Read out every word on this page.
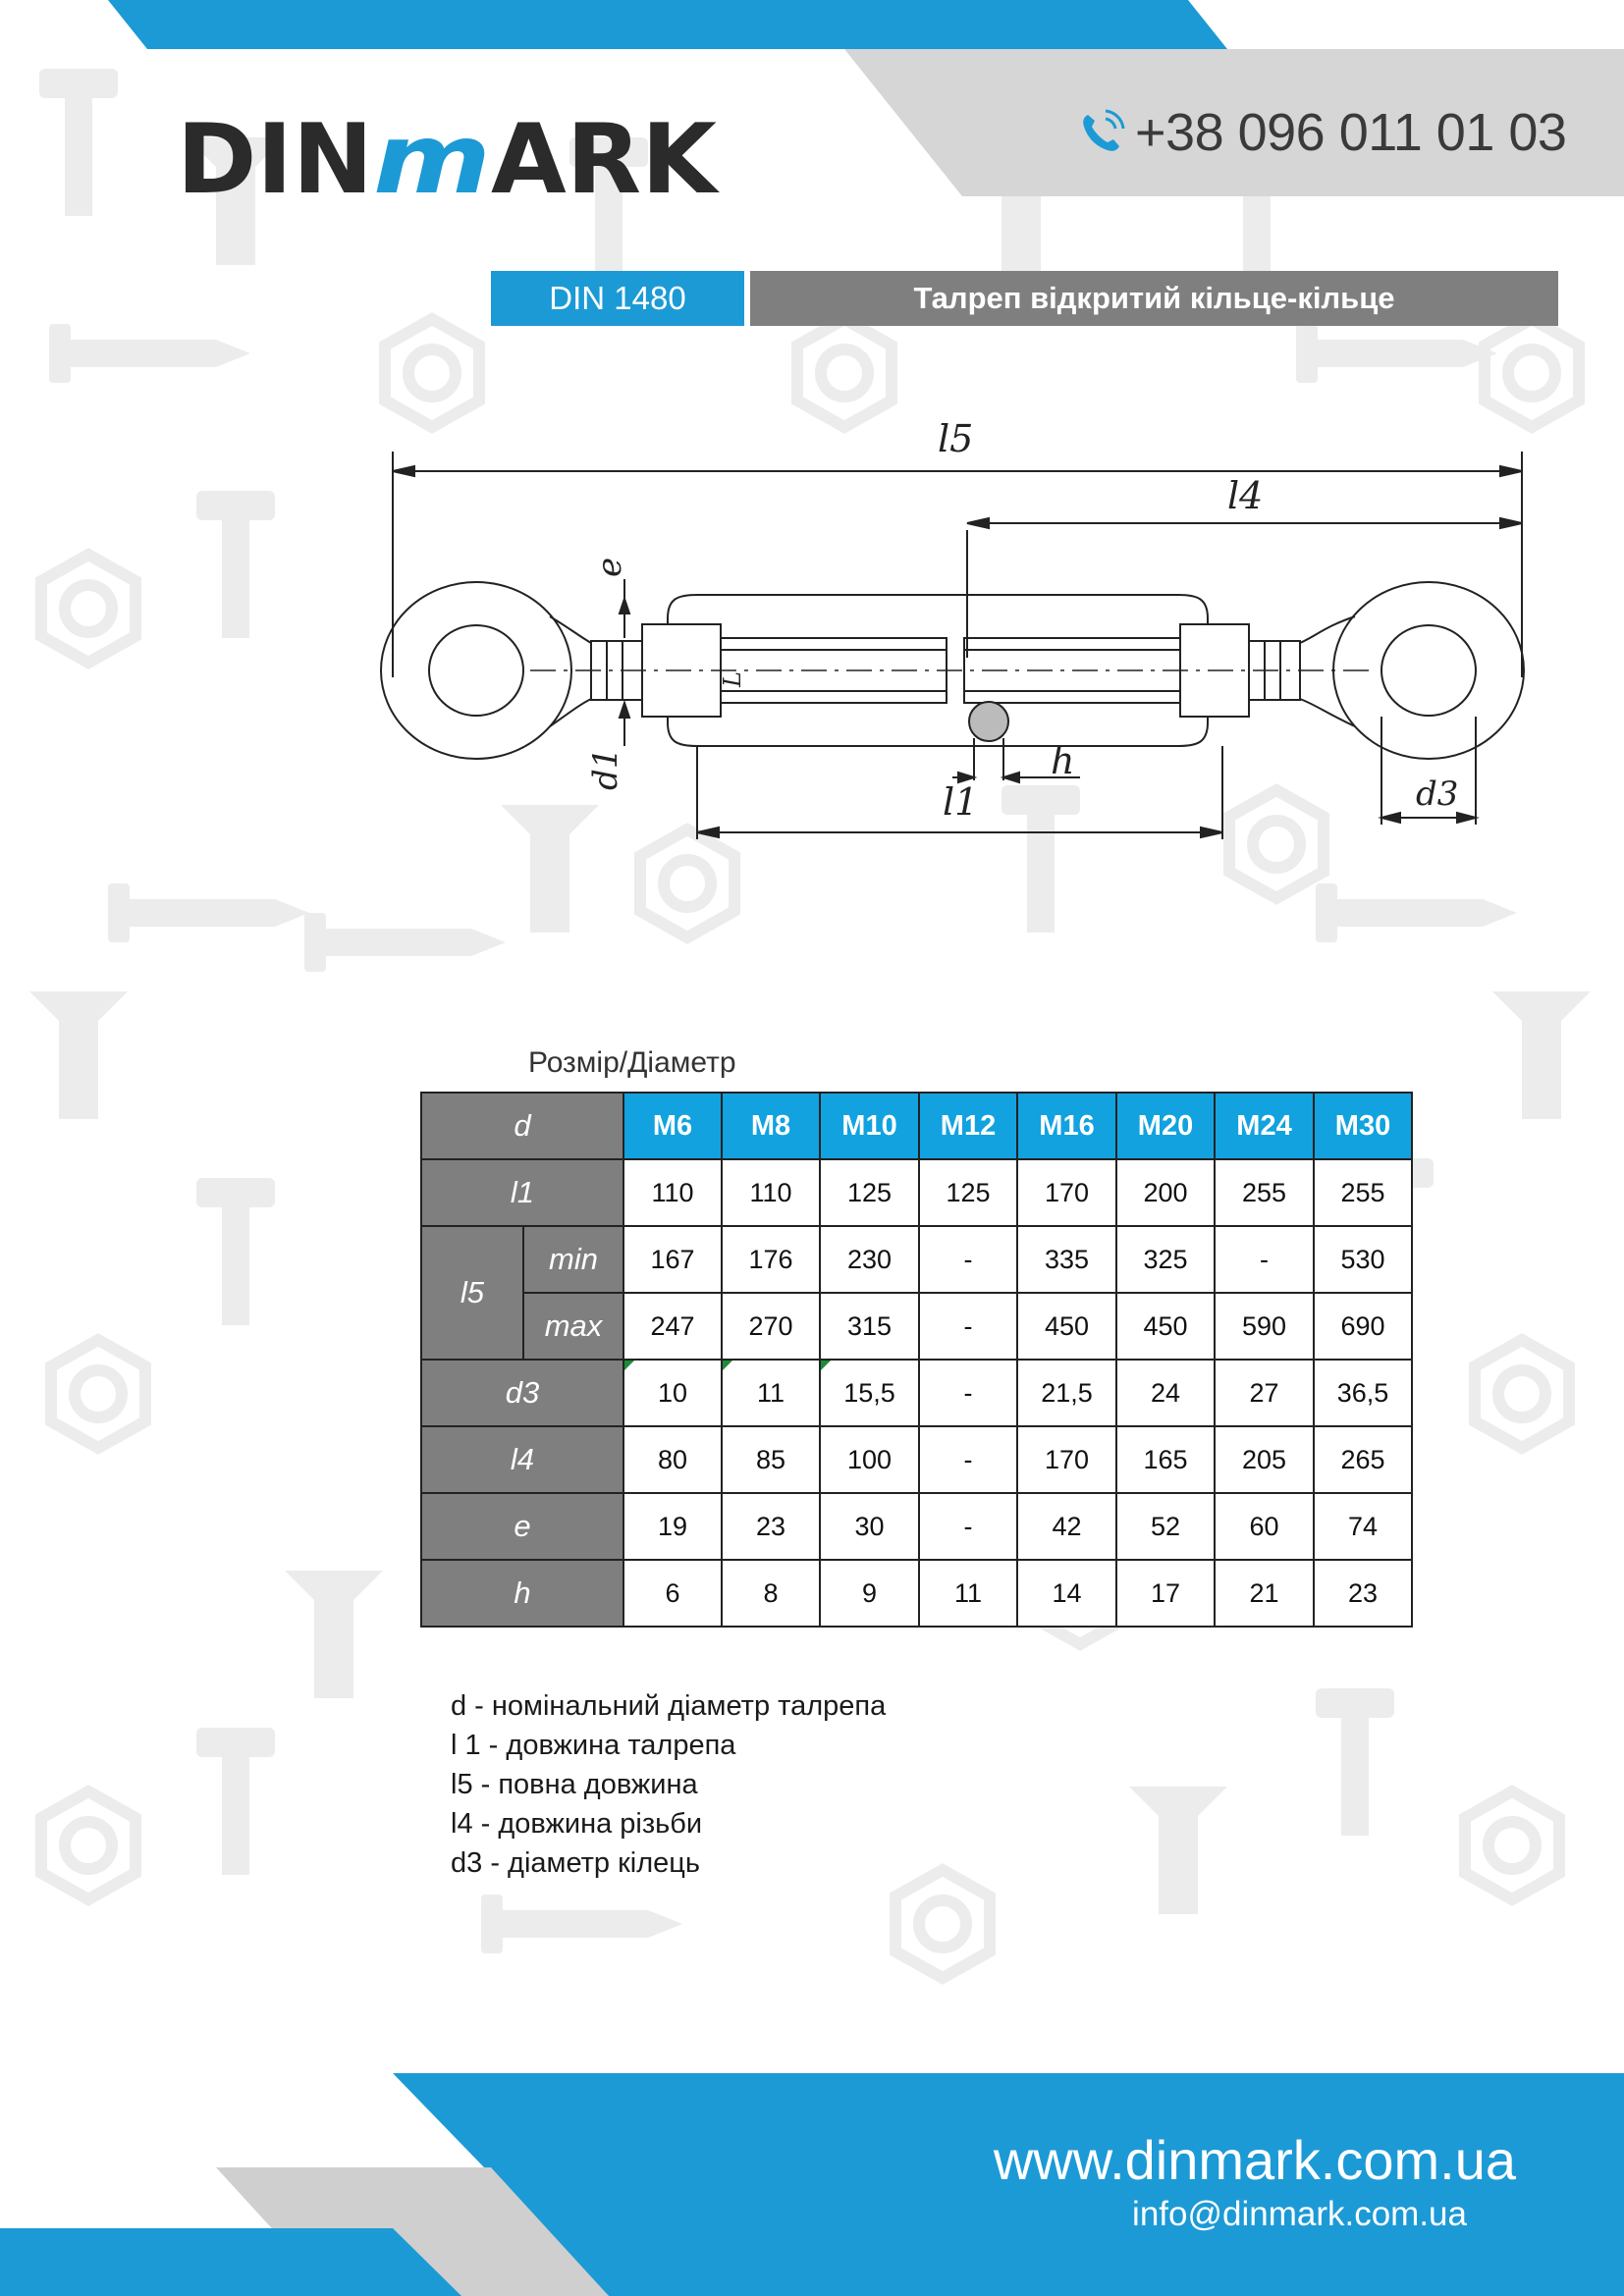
DIN m ARK	+38 096 011 01 03
DIN 1480	Талреп відкритий кільце-кільце
l5
l4
e
L
d1	h
l1	d3
Розмір/Діаметр
d		M6	M8	M10	M12	M16	M20	M24	M30
l1		110	110	125	125	170	200	255	255
l5	min	167	176	230	-	335	325	-	530
	max	247	270	315	-	450	450	590	690
d3		10	11	15,5	-	21,5	24	27	36,5
l4		80	85	100	-	170	165	205	265
e		19	23	30	-	42	52	60	74
h		6	8	9	11	14	17	21	23
d - номінальний діаметр талрепа
l 1 - довжина талрепа
l5 - повна довжина
l4 - довжина різьби
d3 - діаметр кілець
www.dinmark.com.ua
info@dinmark.com.ua
